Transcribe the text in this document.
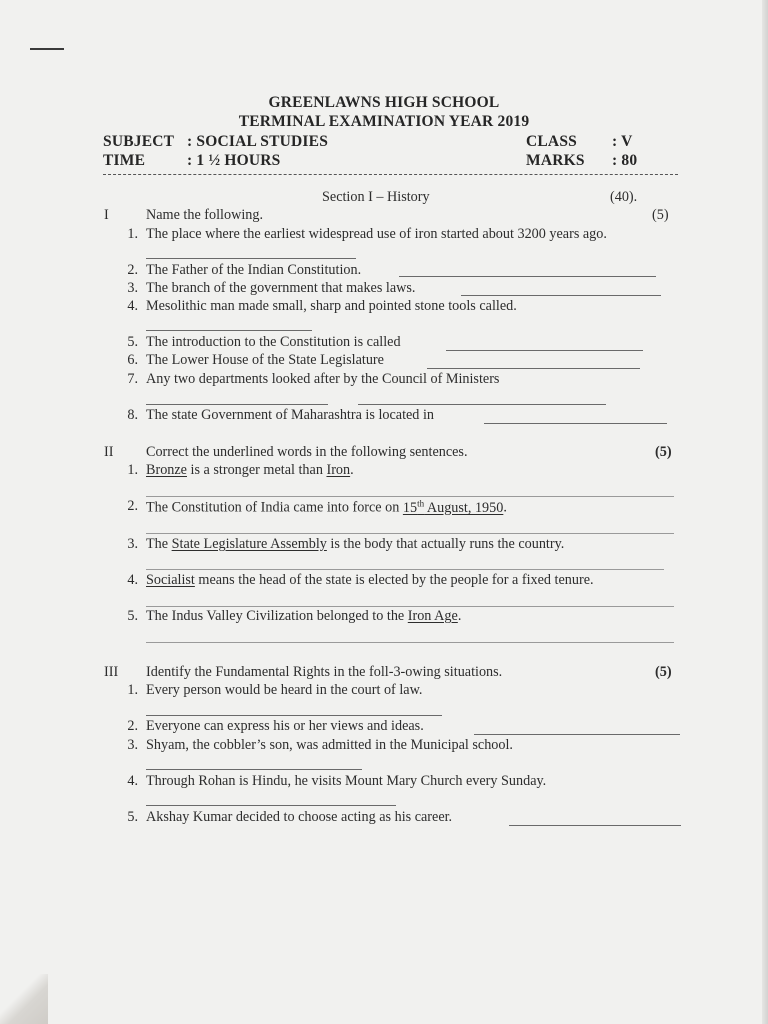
GREENLAWNS HIGH SCHOOL
TERMINAL EXAMINATION YEAR 2019
SUBJECT : SOCIAL STUDIES	CLASS : V
TIME	: 1 ½ HOURS	MARKS : 80
Section I – History	(40).
I	Name the following.	(5)
1. The place where the earliest widespread use of iron started about 3200 years ago.
2. The Father of the Indian Constitution.
3. The branch of the government that makes laws.
4. Mesolithic man made small, sharp and pointed stone tools called.
5. The introduction to the Constitution is called
6. The Lower House of the State Legislature
7. Any two departments looked after by the Council of Ministers
8. The state Government of Maharashtra is located in
II Correct the underlined words in the following sentences.	(5)
1. Bronze is a stronger metal than Iron.
2. The Constitution of India came into force on 15th August, 1950.
3. The State Legislature Assembly is the body that actually runs the country.
4. Socialist means the head of the state is elected by the people for a fixed tenure.
5. The Indus Valley Civilization belonged to the Iron Age.
III Identify the Fundamental Rights in the foll-3-owing situations.	(5)
1. Every person would be heard in the court of law.
2. Everyone can express his or her views and ideas.
3. Shyam, the cobbler’s son, was admitted in the Municipal school.
4. Through Rohan is Hindu, he visits Mount Mary Church every Sunday.
5. Akshay Kumar decided to choose acting as his career.
